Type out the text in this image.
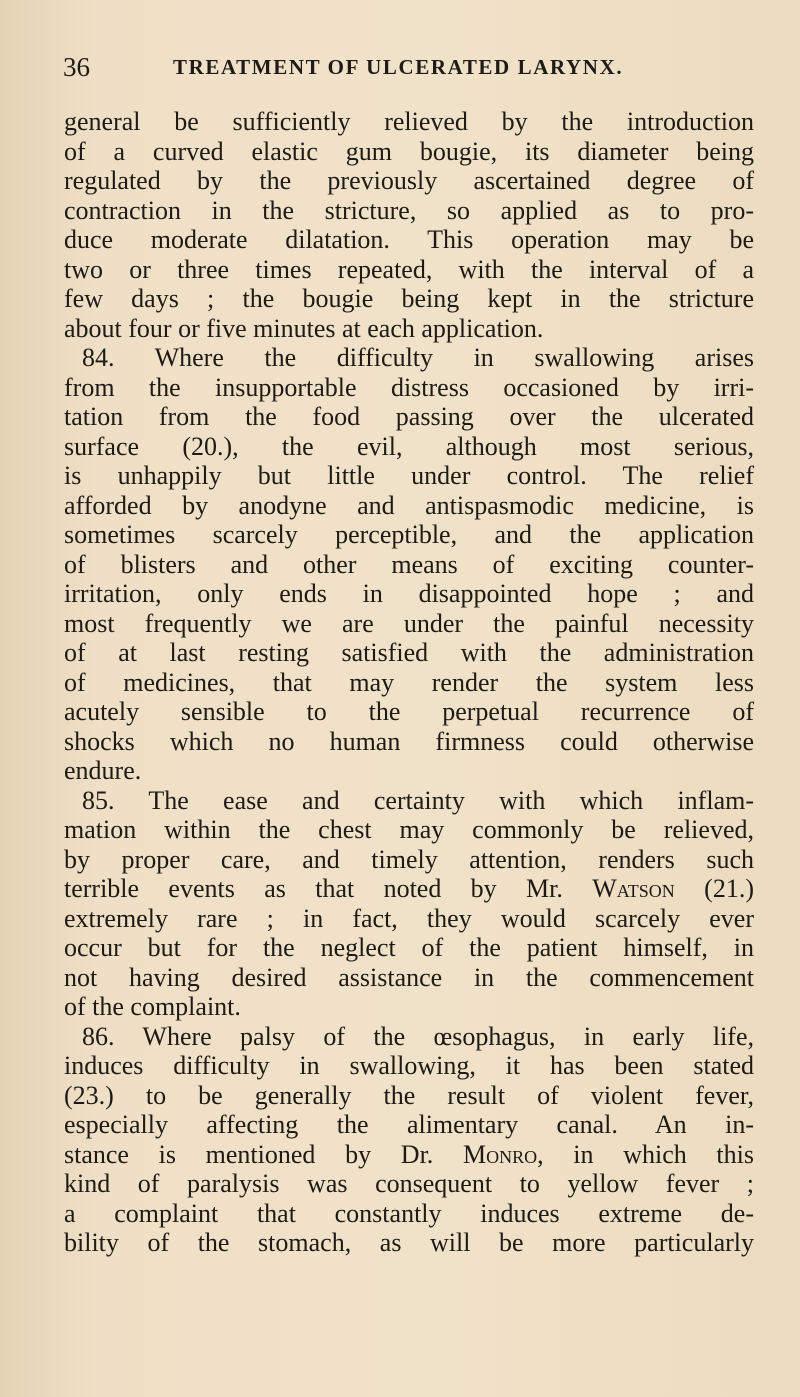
36	TREATMENT OF ULCERATED LARYNX.
general be sufficiently relieved by the introduction
of a curved elastic gum bougie, its diameter being
regulated by the previously ascertained degree of
contraction in the stricture, so applied as to pro-
duce moderate dilatation. This operation may be
two or three times repeated, with the interval of a
few days ; the bougie being kept in the stricture
about four or five minutes at each application.
84. Where the difficulty in swallowing arises
from the insupportable distress occasioned by irri-
tation from the food passing over the ulcerated
surface (20.), the evil, although most serious,
is unhappily but little under control. The relief
afforded by anodyne and antispasmodic medicine, is
sometimes scarcely perceptible, and the application
of blisters and other means of exciting counter-
irritation, only ends in disappointed hope ; and
most frequently we are under the painful necessity
of at last resting satisfied with the administration
of medicines, that may render the system less
acutely sensible to the perpetual recurrence of
shocks which no human firmness could otherwise
endure.
85. The ease and certainty with which inflam-
mation within the chest may commonly be relieved,
by proper care, and timely attention, renders such
terrible events as that noted by Mr. Watson (21.)
extremely rare ; in fact, they would scarcely ever
occur but for the neglect of the patient himself, in
not having desired assistance in the commencement
of the complaint.
86. Where palsy of the œsophagus, in early life,
induces difficulty in swallowing, it has been stated
(23.) to be generally the result of violent fever,
especially affecting the alimentary canal. An in-
stance is mentioned by Dr. Monro, in which this
kind of paralysis was consequent to yellow fever ;
a complaint that constantly induces extreme de-
bility of the stomach, as will be more particularly
